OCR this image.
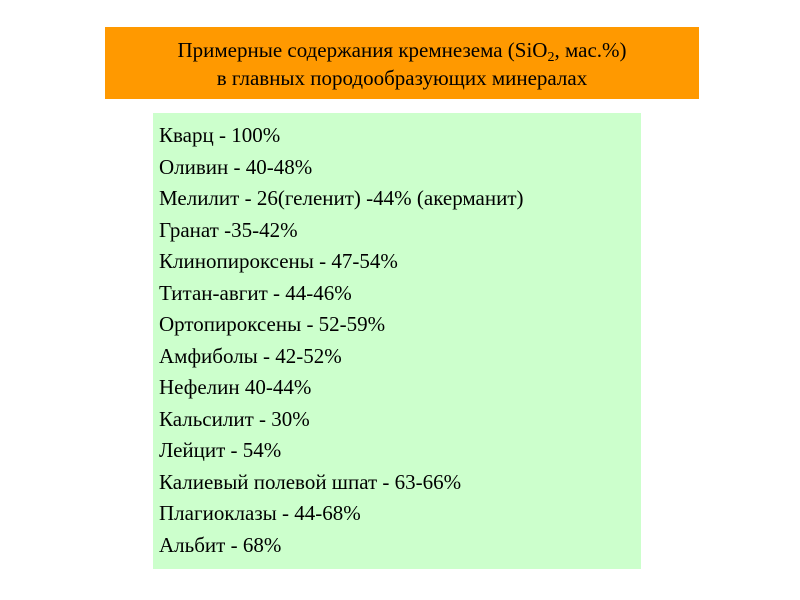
Примерные содержания кремнезема (SiO$_2$, мас.%)
в главных породообразующих минералах
Кварц - 100%
Оливин - 40-48%
Мелилит - 26(геленит) -44% (акерманит)
Гранат -35-42%
Клинопироксены - 47-54%
Титан-авгит - 44-46%
Ортопироксены - 52-59%
Амфиболы - 42-52%
Нефелин 40-44%
Кальсилит - 30%
Лейцит - 54%
Калиевый полевой шпат - 63-66%
Плагиоклазы - 44-68%
Альбит - 68%
